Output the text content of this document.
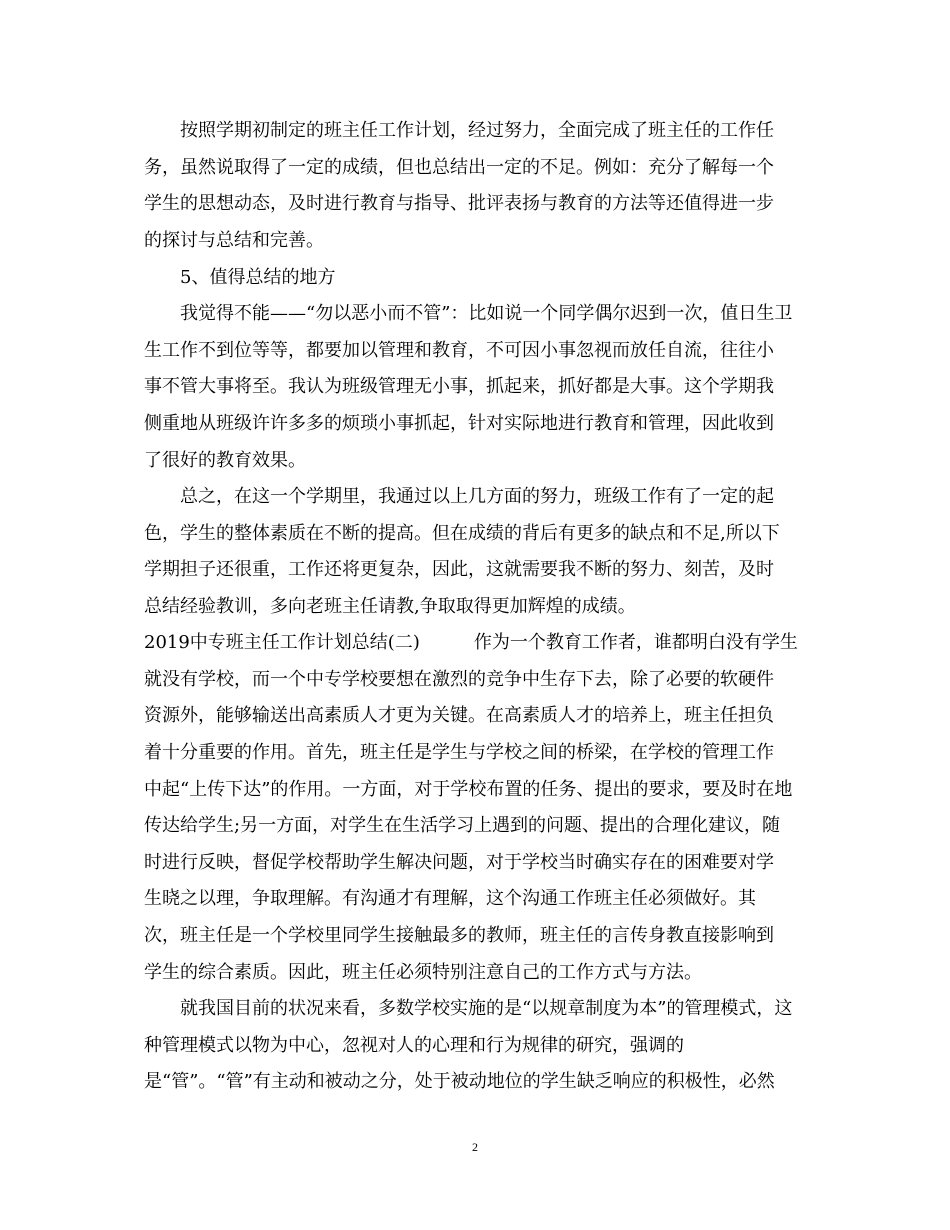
　　按照学期初制定的班主任工作计划，经过努力，全面完成了班主任的工作任
务，虽然说取得了一定的成绩，但也总结出一定的不足。例如：充分了解每一个
学生的思想动态，及时进行教育与指导、批评表扬与教育的方法等还值得进一步
的探讨与总结和完善。
　　5、值得总结的地方
　　我觉得不能——“勿以恶小而不管”：比如说一个同学偶尔迟到一次，值日生卫
生工作不到位等等，都要加以管理和教育，不可因小事忽视而放任自流，往往小
事不管大事将至。我认为班级管理无小事，抓起来，抓好都是大事。这个学期我
侧重地从班级许许多多的烦琐小事抓起，针对实际地进行教育和管理，因此收到
了很好的教育效果。
　　总之，在这一个学期里，我通过以上几方面的努力，班级工作有了一定的起
色，学生的整体素质在不断的提高。但在成绩的背后有更多的缺点和不足,所以下
学期担子还很重，工作还将更复杂，因此，这就需要我不断的努力、刻苦，及时
总结经验教训，多向老班主任请教,争取取得更加辉煌的成绩。
2019中专班主任工作计划总结(二)　　　作为一个教育工作者，谁都明白没有学生
就没有学校，而一个中专学校要想在激烈的竞争中生存下去，除了必要的软硬件
资源外，能够输送出高素质人才更为关键。在高素质人才的培养上，班主任担负
着十分重要的作用。首先，班主任是学生与学校之间的桥梁，在学校的管理工作
中起“上传下达”的作用。一方面，对于学校布置的任务、提出的要求，要及时在地
传达给学生;另一方面，对学生在生活学习上遇到的问题、提出的合理化建议，随
时进行反映，督促学校帮助学生解决问题，对于学校当时确实存在的困难要对学
生晓之以理，争取理解。有沟通才有理解，这个沟通工作班主任必须做好。其
次，班主任是一个学校里同学生接触最多的教师，班主任的言传身教直接影响到
学生的综合素质。因此，班主任必须特别注意自己的工作方式与方法。
　　就我国目前的状况来看，多数学校实施的是“以规章制度为本”的管理模式，这
种管理模式以物为中心，忽视对人的心理和行为规律的研究，强调的
是“管”。“管”有主动和被动之分，处于被动地位的学生缺乏响应的积极性，必然
2
